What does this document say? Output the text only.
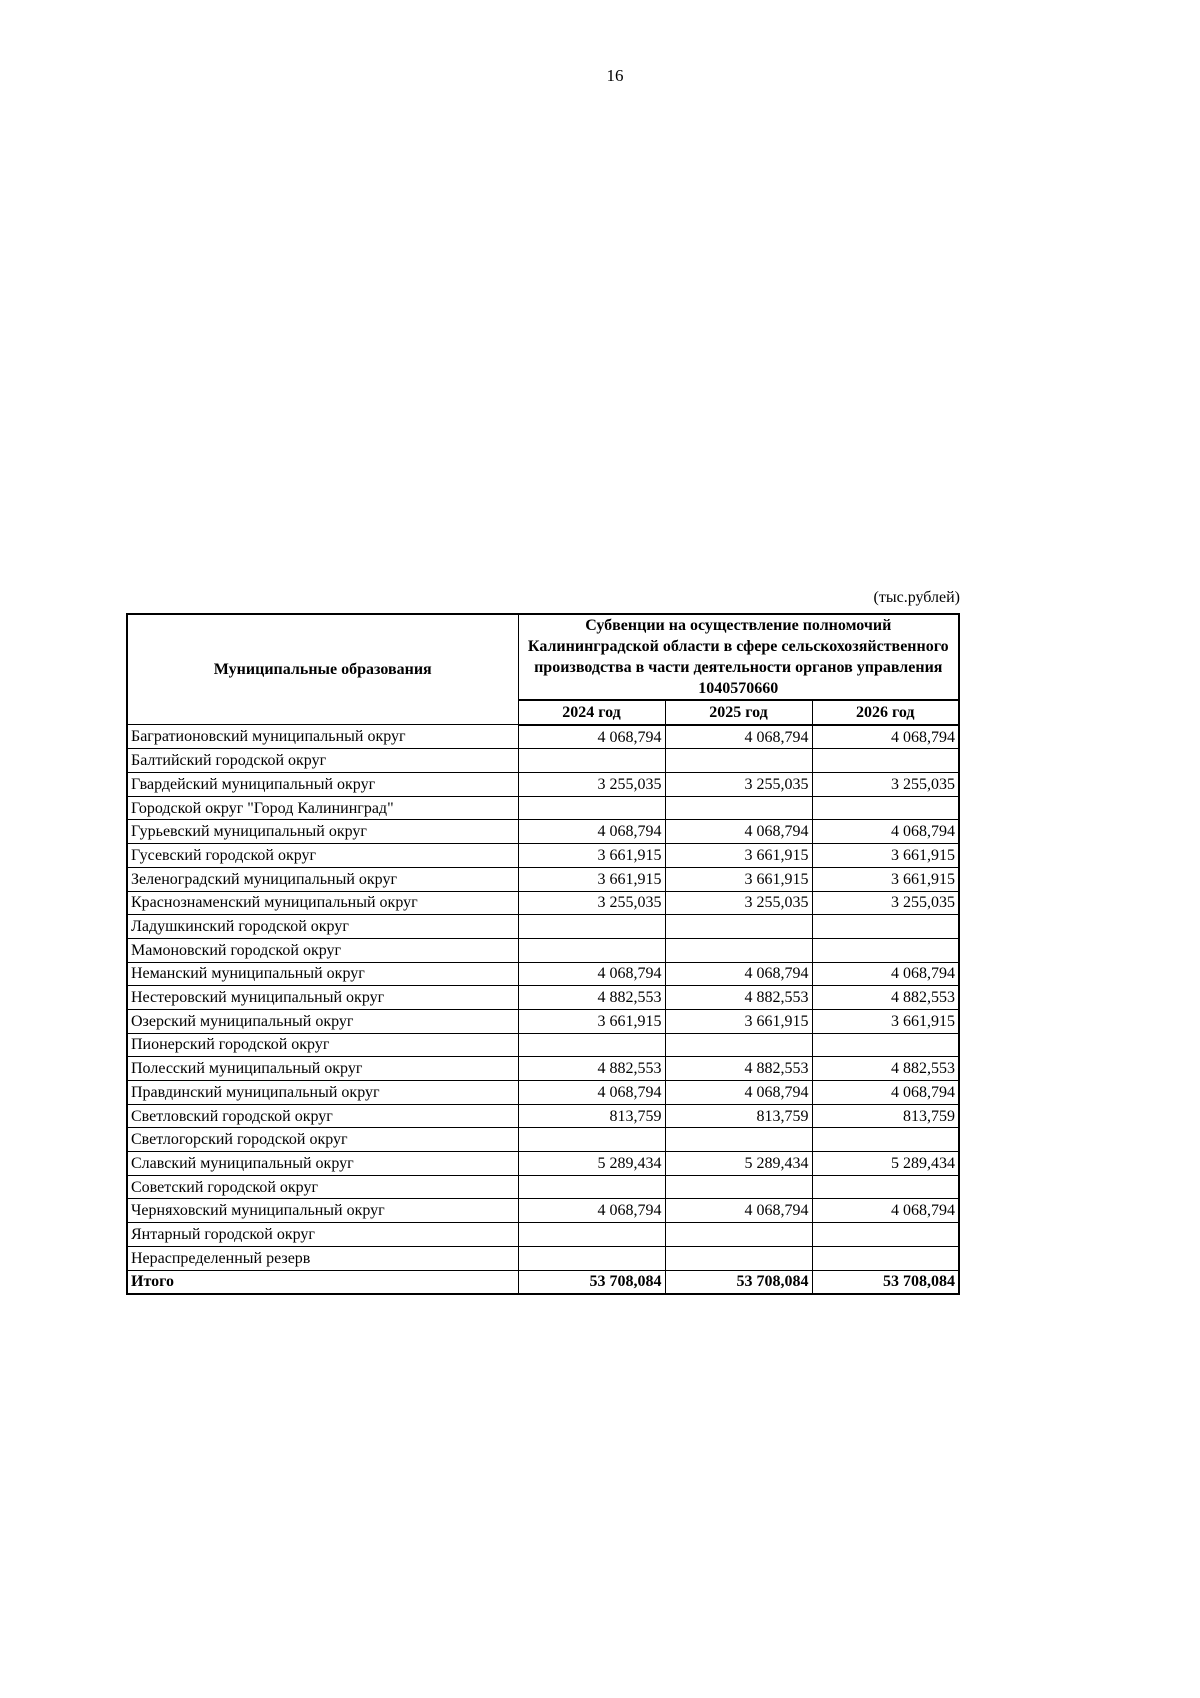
16
(тыс.рублей)
Муниципальные образования	Субвенции на осуществление полномочий Калининградской области в сфере сельскохозяйственного производства в части деятельности органов управления 1040570660		
	2024 год	2025 год	2026 год
Багратионовский муниципальный округ	4 068,794	4 068,794	4 068,794
Балтийский городской округ			
Гвардейский муниципальный округ	3 255,035	3 255,035	3 255,035
Городской округ "Город Калининград"			
Гурьевский муниципальный округ	4 068,794	4 068,794	4 068,794
Гусевский городской округ	3 661,915	3 661,915	3 661,915
Зеленоградский муниципальный округ	3 661,915	3 661,915	3 661,915
Краснознаменский муниципальный округ	3 255,035	3 255,035	3 255,035
Ладушкинский городской округ			
Мамоновский городской округ			
Неманский муниципальный округ	4 068,794	4 068,794	4 068,794
Нестеровский муниципальный округ	4 882,553	4 882,553	4 882,553
Озерский муниципальный округ	3 661,915	3 661,915	3 661,915
Пионерский городской округ			
Полесский муниципальный округ	4 882,553	4 882,553	4 882,553
Правдинский муниципальный округ	4 068,794	4 068,794	4 068,794
Светловский городской округ	813,759	813,759	813,759
Светлогорский городской округ			
Славский муниципальный округ	5 289,434	5 289,434	5 289,434
Советский городской округ			
Черняховский муниципальный округ	4 068,794	4 068,794	4 068,794
Янтарный городской округ			
Нераспределенный резерв			
Итого	53 708,084	53 708,084	53 708,084
